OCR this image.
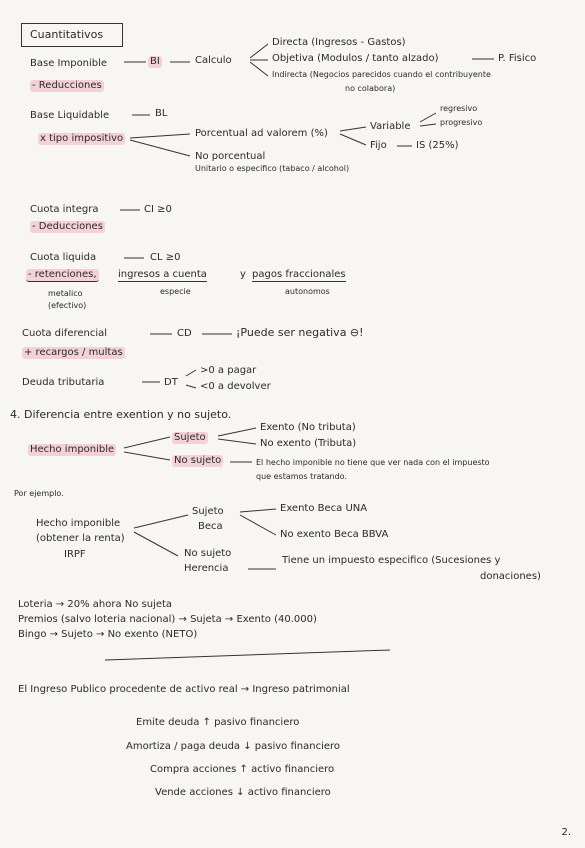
Cuantitativos
Base Imponible	BI	Calculo
Directa (Ingresos - Gastos)
Objetiva (Modulos / tanto alzado)	P. Fisico
Indirecta (Negocios parecidos cuando el contribuyente
no colabora)
- Reducciones
Base Liquidable	BL
x tipo impositivo	Porcentual ad valorem (%)
Variable
regresivo
progresivo
Fijo	IS (25%)
No porcentual
Unitario o especifico (tabaco / alcohol)
Cuota integra	CI ≥0
- Deducciones
Cuota liquida	CL ≥0
- retenciones, ingresos a cuenta	y pagos fraccionales
metalico
(efectivo)
especie	autonomos
Cuota diferencial	CD	¡Puede ser negativa ⊖!
+ recargos / multas
Deuda tributaria	DT
>0 a pagar
<0 a devolver
4. Diferencia entre exention y no sujeto.
Hecho imponible
Sujeto
No sujeto
Exento (No tributa)
No exento (Tributa)
El hecho imponible no tiene que ver nada con el impuesto
que estamos tratando.
Por ejemplo.
Hecho imponible
(obtener la renta)
IRPF
Sujeto
Beca
Exento Beca UNA
No exento Beca BBVA
No sujeto
Herencia
Tiene un impuesto especifico (Sucesiones y
donaciones)
Loteria → 20% ahora No sujeta
Premios (salvo loteria nacional) → Sujeta → Exento (40.000)
Bingo → Sujeto → No exento (NETO)
El Ingreso Publico procedente de activo real → Ingreso patrimonial
Emite deuda ↑ pasivo financiero
Amortiza / paga deuda ↓ pasivo financiero
Compra acciones ↑ activo financiero
Vende acciones ↓ activo financiero
2.
